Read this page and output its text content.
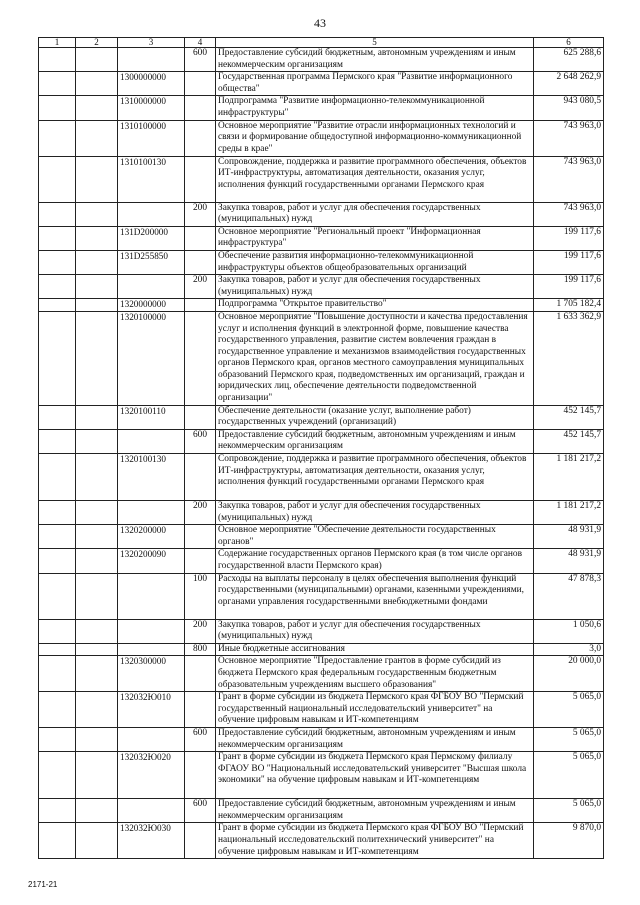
43
1	2	3	4	5	6
			600	Предоставление субсидий бюджетным, автономным учреждениям и иным некоммерческим организациям	625 288,6
		1300000000		Государственная программа Пермского края "Развитие информационного общества"	2 648 262,9
		1310000000		Подпрограмма "Развитие информационно-телекоммуникационной инфраструктуры"	943 080,5
		1310100000		Основное мероприятие "Развитие отрасли информационных технологий и связи и формирование общедоступной информационно-коммуникационной среды в крае"	743 963,0
		1310100130		Сопровождение, поддержка и развитие программного обеспечения, объектов ИТ-инфраструктуры, автоматизация деятельности, оказания услуг, исполнения функций государственными органами Пермского края	743 963,0
			200	Закупка товаров, работ и услуг для обеспечения государственных (муниципальных) нужд	743 963,0
		131D200000		Основное мероприятие "Региональный проект "Информационная инфраструктура"	199 117,6
		131D255850		Обеспечение развития информационно-телекоммуникационной инфраструктуры объектов общеобразовательных организаций	199 117,6
			200	Закупка товаров, работ и услуг для обеспечения государственных (муниципальных) нужд	199 117,6
		1320000000		Подпрограмма "Открытое правительство"	1 705 182,4
		1320100000		Основное мероприятие "Повышение доступности и качества предоставления услуг и исполнения функций в электронной форме, повышение качества государственного управления, развитие систем вовлечения граждан в государственное управление и механизмов взаимодействия государственных органов Пермского края, органов местного самоуправления муниципальных образований Пермского края, подведомственных им организаций, граждан и юридических лиц, обеспечение деятельности подведомственной организации"	1 633 362,9
		1320100110		Обеспечение деятельности (оказание услуг, выполнение работ) государственных учреждений (организаций)	452 145,7
			600	Предоставление субсидий бюджетным, автономным учреждениям и иным некоммерческим организациям	452 145,7
		1320100130		Сопровождение, поддержка и развитие программного обеспечения, объектов ИТ-инфраструктуры, автоматизация деятельности, оказания услуг, исполнения функций государственными органами Пермского края	1 181 217,2
			200	Закупка товаров, работ и услуг для обеспечения государственных (муниципальных) нужд	1 181 217,2
		1320200000		Основное мероприятие "Обеспечение деятельности государственных органов"	48 931,9
		1320200090		Содержание государственных органов Пермского края (в том числе органов государственной власти Пермского края)	48 931,9
			100	Расходы на выплаты персоналу в целях обеспечения выполнения функций государственными (муниципальными) органами, казенными учреждениями, органами управления государственными внебюджетными фондами	47 878,3
			200	Закупка товаров, работ и услуг для обеспечения государственных (муниципальных) нужд	1 050,6
			800	Иные бюджетные ассигнования	3,0
		1320300000		Основное мероприятие "Предоставление грантов в форме субсидий из бюджета Пермского края федеральным государственным бюджетным образовательным учреждениям высшего образования"	20 000,0
		132032Ю010		Грант в форме субсидии из бюджета Пермского края ФГБОУ ВО "Пермский государственный национальный исследовательский университет" на обучение цифровым навыкам и ИТ-компетенциям	5 065,0
			600	Предоставление субсидий бюджетным, автономным учреждениям и иным некоммерческим организациям	5 065,0
		132032Ю020		Грант в форме субсидии из бюджета Пермского края Пермскому филиалу ФГАОУ ВО "Национальный исследовательский университет "Высшая школа экономики" на обучение цифровым навыкам и ИТ-компетенциям	5 065,0
			600	Предоставление субсидий бюджетным, автономным учреждениям и иным некоммерческим организациям	5 065,0
		132032Ю030		Грант в форме субсидии из бюджета Пермского края ФГБОУ ВО "Пермский национальный исследовательский политехнический университет" на обучение цифровым навыкам и ИТ-компетенциям	9 870,0
2171-21
